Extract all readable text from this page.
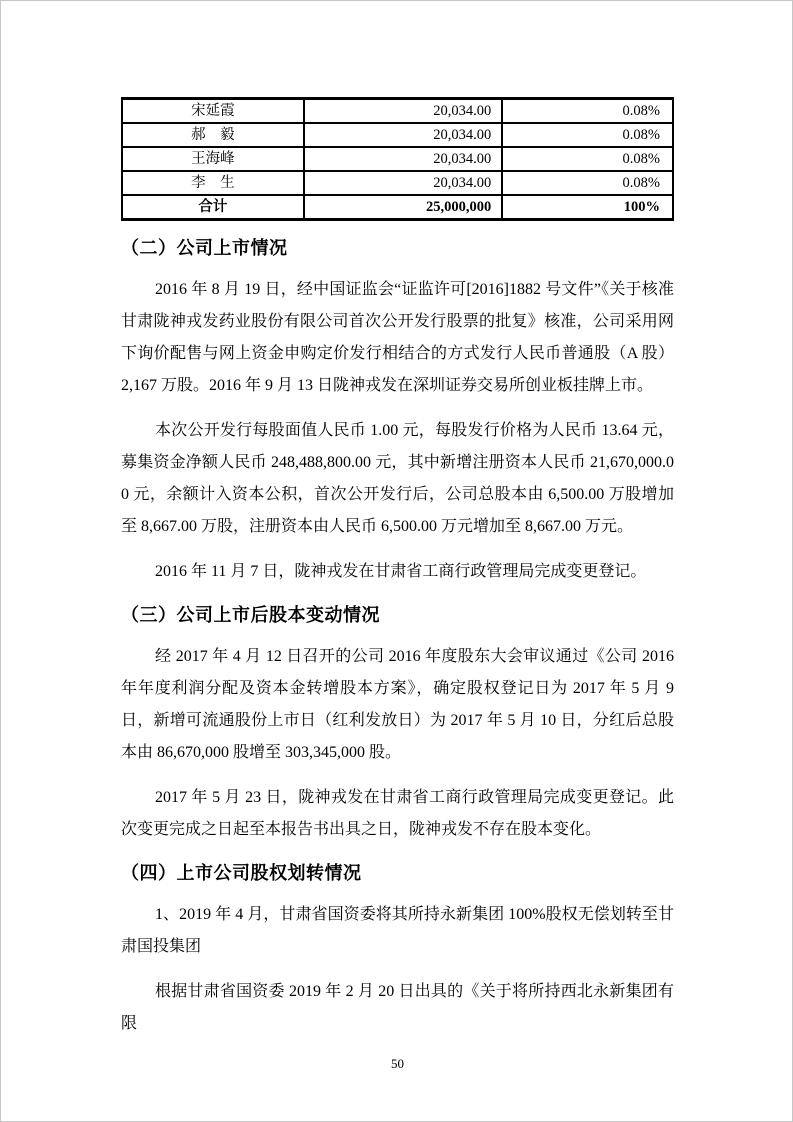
宋延霞	20,034.00	0.08%
郝　毅	20,034.00	0.08%
王海峰	20,034.00	0.08%
李　生	20,034.00	0.08%
合计	25,000,000	100%
（二）公司上市情况

2016 年 8 月 19 日，经中国证监会“证监许可[2016]1882 号文件”《关于核准甘肃陇神戎发药业股份有限公司首次公开发行股票的批复》核准，公司采用网下询价配售与网上资金申购定价发行相结合的方式发行人民币普通股（A 股）2,167 万股。2016 年 9 月 13 日陇神戎发在深圳证券交易所创业板挂牌上市。

本次公开发行每股面值人民币 1.00 元，每股发行价格为人民币 13.64 元，募集资金净额人民币 248,488,800.00 元，其中新增注册资本人民币 21,670,000.00 元，余额计入资本公积，首次公开发行后，公司总股本由 6,500.00 万股增加至 8,667.00 万股，注册资本由人民币 6,500.00 万元增加至 8,667.00 万元。

2016 年 11 月 7 日，陇神戎发在甘肃省工商行政管理局完成变更登记。

（三）公司上市后股本变动情况

经 2017 年 4 月 12 日召开的公司 2016 年度股东大会审议通过《公司 2016 年年度利润分配及资本金转增股本方案》，确定股权登记日为 2017 年 5 月 9 日，新增可流通股份上市日（红利发放日）为 2017 年 5 月 10 日，分红后总股本由 86,670,000 股增至 303,345,000 股。

2017 年 5 月 23 日，陇神戎发在甘肃省工商行政管理局完成变更登记。此次变更完成之日起至本报告书出具之日，陇神戎发不存在股本变化。

（四）上市公司股权划转情况

1、2019 年 4 月，甘肃省国资委将其所持永新集团 100%股权无偿划转至甘肃国投集团

根据甘肃省国资委 2019 年 2 月 20 日出具的《关于将所持西北永新集团有限

50
